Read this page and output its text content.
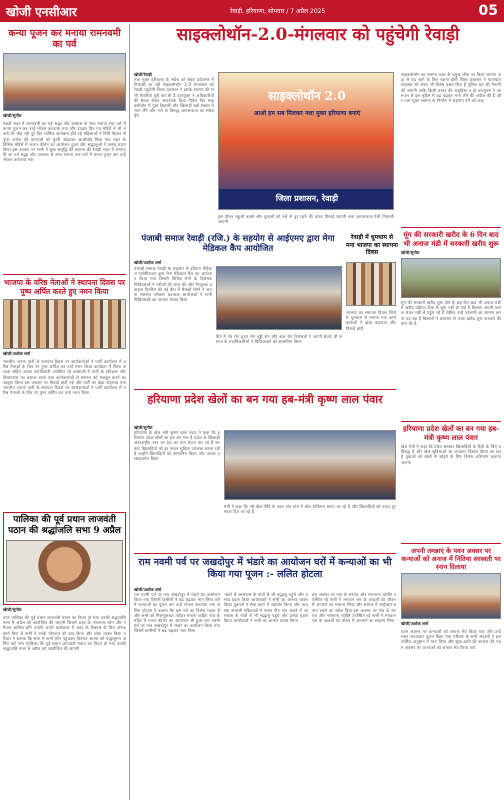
खोजी एनसीआर	रेवाड़ी, हरियाणा, सोमवार / 7 अप्रैल 2025	05
साइक्लोथॉन-2.0-मंगलवार को पहुंचेगी रेवाड़ी
कन्या पूजन कर मनाया रामनवमी का पर्व
खोजी/सुनील
रेवाड़ी शहर में रामनवमी का पर्व श्रद्धा और उल्लास के साथ मनाया गया घरों में कन्या पूजन कर उन्हें भोजन करवाया गया और उपहार दिए गए मंदिरों में भी भक्तों की भीड़ रही पूरे दिन धार्मिक कार्यक्रम होते रहे महिलाओं ने विधि विधान से पूजा अर्चना की कन्याओं को चुनरी ओढ़ाकर आशीर्वाद लिया गया शहर के विभिन्न मंदिरों में भजन कीर्तन का आयोजन हुआ और श्रद्धालुओं ने प्रसाद ग्रहण किया इस अवसर पर सभी ने सुख समृद्धि की कामना की रेवाड़ी शहर में रामनवमी का पर्व श्रद्धा और उल्लास के साथ मनाया गया घरों में कन्या पूजन कर उन्हें भोजन करवाया गया
भाजपा के वरिष्ठ नेताओं ने स्थापना दिवस पर पुष्प अर्पित करते हुए नमन किया
खोजी/अशोक शर्मा
भारतीय जनता पार्टी के स्थापना दिवस पर कार्यकर्ताओं ने पार्टी कार्यालय में वरिष्ठ नेताओं के चित्र पर पुष्प अर्पित कर उन्हें नमन किया कार्यक्रम में जिला अध्यक्ष सहित अनेक पदाधिकारी उपस्थित रहे वक्ताओं ने पार्टी के इतिहास और विचारधारा पर प्रकाश डाला तथा कार्यकर्ताओं से संगठन को मजबूत करने का आह्वान किया इस अवसर पर मिठाई बांटी गई और पार्टी का झंडा फहराया गया भारतीय जनता पार्टी के स्थापना दिवस पर कार्यकर्ताओं ने पार्टी कार्यालय में वरिष्ठ नेताओं के चित्र पर पुष्प अर्पित कर उन्हें नमन किया
पालिका की पूर्व प्रधान लाजवंती पठान की श्रद्धांजलि सभा 9 अप्रैल
खोजी/सुनील
नगर पालिका की पूर्व प्रधान लाजवंती पठान का निधन हो गया उनकी श्रद्धांजलि सभा 9 अप्रैल को आयोजित की जाएगी जिसमें शहर के गणमान्य लोग और परिजन शामिल होंगे उन्होंने अपने कार्यकाल में शहर के विकास के लिए अनेक कार्य किए थे सभी ने उनके योगदान को याद किया और शोक व्यक्त किया परिवार ने बताया कि सभा में सभी लोग पहुंचकर दिवंगत आत्मा को श्रद्धासुमन अर्पित करें नगर पालिका की पूर्व प्रधान लाजवंती पठान का निधन हो गया उनकी श्रद्धांजलि सभा 9 अप्रैल को आयोजित की जाएगी
खोजी/रेवाड़ी
नशा मुक्त हरियाणा के संदेश को लेकर प्रदेशभर में निकाली जा रही साइक्लोथॉन 2.0 मंगलवार को रेवाड़ी पहुंचेगी जिला प्रशासन ने इसके स्वागत की सभी तैयारियां पूरी कर ली हैं उपायुक्त ने अधिकारियों की बैठक लेकर आवश्यक दिशा निर्देश दिए साइक्लोथॉन में युवा विद्यार्थी और खिलाड़ी बड़ी संख्या में भाग लेंगे और नशे के विरुद्ध जागरूकता का संदेश देंगे
साइक्लोथॉन 2.0
आओ हम सब मिलकर नशा मुक्त हरियाणा बनाएं
जिला प्रशासन, रेवाड़ी
इस दौरान स्कूली बच्चों और युवाओं को नशे से दूर रहने की शपथ दिलाई जाएगी तथा जागरूकता रैली निकाली जाएगी
पंजाबी समाज रेवाड़ी (रजि.) के सहयोग से आईएमए द्वारा मेगा मेडिकल कैंप आयोजित
खोजी/अशोक शर्मा
पंजाबी समाज रेवाड़ी के सहयोग से इंडियन मेडिकल एसोसिएशन द्वारा मेगा मेडिकल कैंप का आयोजन किया गया जिसमें विभिन्न रोगों के विशेषज्ञ चिकित्सकों ने मरीजों की जांच की और निःशुल्क दवाइयां वितरित की गई कैंप में सैकड़ों लोगों ने अपना स्वास्थ्य परीक्षण करवाया आयोजकों ने सभी चिकित्सकों का आभार व्यक्त किया
कैंप में नेत्र रोग हृदय रोग हड्डी रोग और बाल रोग विशेषज्ञों ने अपनी सेवाएं दीं समाज के पदाधिकारियों ने चिकित्सकों को सम्मानित किया
रेवाड़ी में धूमधाम से मना भाजपा का स्थापना दिवस
भाजपा का स्थापना दिवस जिले में धूमधाम से मनाया गया कार्यकर्ताओं ने झंडा फहराया और मिठाई बांटी
हरियाणा प्रदेश खेलों का बन गया हब-मंत्री कृष्ण लाल पंवार
खोजी/सुनील
हरियाणा के खेल मंत्री कृष्ण लाल पंवार ने कहा कि हरियाणा प्रदेश खेलों का हब बन गया है प्रदेश के खिलाड़ी अंतरराष्ट्रीय स्तर पर देश का नाम रोशन कर रहे हैं सरकार खिलाड़ियों को हर संभव सुविधा उपलब्ध करवा रही है उन्होंने खिलाड़ियों को सम्मानित किया और उनका उत्साहवर्धन किया
मंत्री ने कहा कि नई खेल नीति के तहत गांव गांव में खेल स्टेडियम बनाए जा रहे हैं और खिलाड़ियों को नकद पुरस्कार दिए जा रहे हैं
राम नवमी पर्व पर जखदोपुर में भंडारे का आयोजन घरों में कन्याओं का भी किया गया पूजन :- ललित होटला
खोजी/अशोक शर्मा
राम नवमी पर्व पर गांव जखदोपुर में भंडारे का आयोजन किया गया जिसमें ग्रामीणों ने बढ़ चढ़कर भाग लिया घरों में कन्याओं का पूजन कर उन्हें भोजन करवाया गया ललित होटला ने बताया कि इस पर्व का विशेष महत्व है और सभी को मिलजुलकर त्योहार मनाना चाहिए गांव के मंदिर में भजन कीर्तन का आयोजन भी हुआ राम नवमी पर्व पर गांव जखदोपुर में भंडारे का आयोजन किया गया जिसमें ग्रामीणों ने बढ़ चढ़कर भाग लिया
भंडारे में आसपास के गांवों से भी श्रद्धालु पहुंचे और प्रसाद ग्रहण किया आयोजकों ने सभी का आभार व्यक्त किया युवाओं ने सेवा कार्य में सहयोग किया और व्यवस्था संभाली महिलाओं ने मंगल गीत गाए भंडारे में आसपास के गांवों से भी श्रद्धालु पहुंचे और प्रसाद ग्रहण किया आयोजकों ने सभी का आभार व्यक्त किया
इस अवसर पर गांव के सरपंच और गणमान्य व्यक्ति उपस्थित रहे सभी ने भगवान राम के आदर्शों को जीवन में अपनाने का संकल्प लिया और समाज में भाईचारा बनाए रखने का संदेश दिया इस अवसर पर गांव के सरपंच और गणमान्य व्यक्ति उपस्थित रहे सभी ने भगवान राम के आदर्शों को जीवन में अपनाने का संकल्प लिया
साइक्लोथॉन का स्वागत शहर के प्रमुख चौक पर किया जाएगा जहां से यह आगे के लिए रवाना होगी जिला प्रशासन ने यातायात व्यवस्था को लेकर भी विशेष प्रबंध किए हैं पुलिस बल की तैनाती की जाएगी ताकि किसी प्रकार की असुविधा न हो उपायुक्त ने आमजन से इस मुहिम में बढ़ चढ़कर भाग लेने की अपील की है और नशा मुक्त समाज के निर्माण में सहयोग देने को कहा
मूंग की सरकारी खरीद के 6 दिन बाद भी अनाज मंडी में सरकारी खरीद शुरू
खोजी/सुनील
मूंग की सरकारी खरीद शुरू होने के छह दिन बाद भी अनाज मंडी में खरीद प्रक्रिया ठीक से शुरू नहीं हो पाई है किसान अपनी फसल लेकर मंडी में पहुंच रहे हैं लेकिन उन्हें परेशानी का सामना करना पड़ रहा है किसानों ने प्रशासन से जल्द खरीद शुरू करवाने की मांग की है
हरियाणा प्रदेश खेलों का बन गया हब-मंत्री कृष्ण लाल पंवार
खेल मंत्री ने कहा कि प्रदेश सरकार खिलाड़ियों के हितों के लिए प्रतिबद्ध है और खेल सुविधाओं का लगातार विस्तार किया जा रहा है युवाओं को खेलों से जोड़ने के लिए विशेष अभियान चलाया जाएगा
अपनी तमन्नाएं के पवन अवसर पर कन्याओं को अनाज में नितिया सरस्वती पर स्नान दिलाया
खोजी/अशोक शर्मा
पवन अवसर पर कन्याओं को अनाज भेंट किया गया और उन्हें स्नान करवाकर पूजन किया गया परिवार के सभी सदस्यों ने इस धार्मिक अनुष्ठान में भाग लिया और सुख शांति की कामना की पवन अवसर पर कन्याओं को अनाज भेंट किया गया
